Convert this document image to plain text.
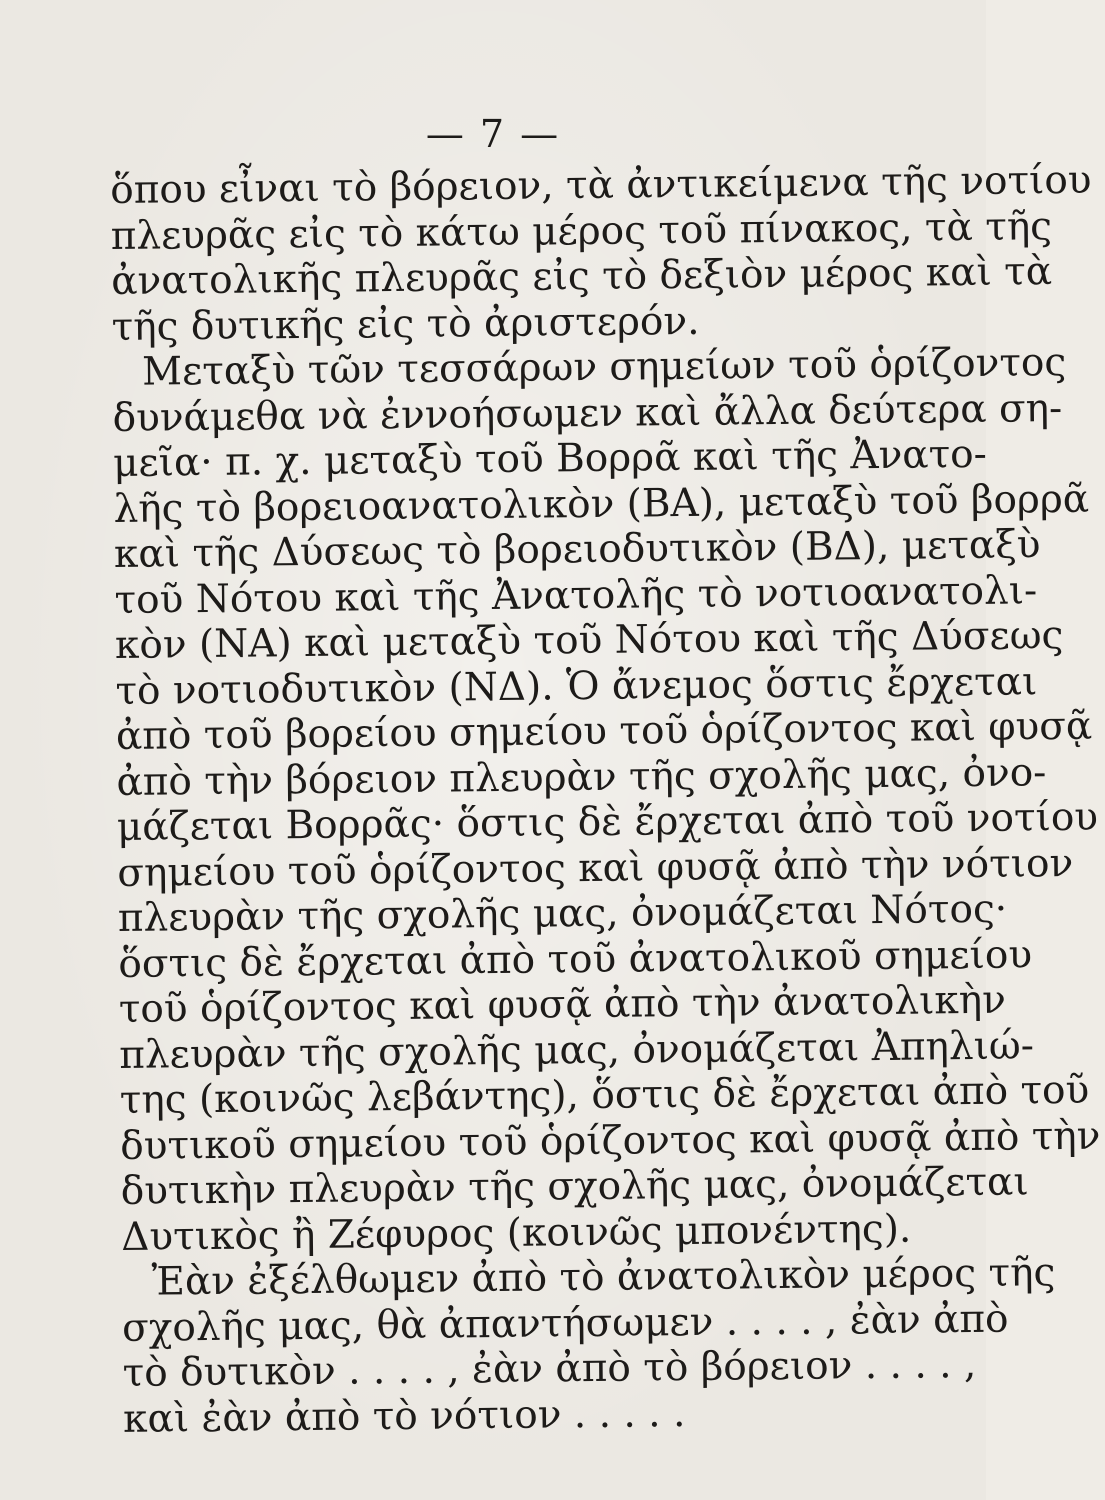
— 7 —
ὅπου εἶναι τὸ βόρειον, τὰ ἀντικείμενα τῆς νοτίου
πλευρᾶς εἰς τὸ κάτω μέρος τοῦ πίνακος, τὰ τῆς
ἀνατολικῆς πλευρᾶς εἰς τὸ δεξιὸν μέρος καὶ τὰ
τῆς δυτικῆς εἰς τὸ ἀριστερόν.
Μεταξὺ τῶν τεσσάρων σημείων τοῦ ὁρίζοντος
δυνάμεθα νὰ ἐννοήσωμεν καὶ ἄλλα δεύτερα ση-
μεῖα· π. χ. μεταξὺ τοῦ Βορρᾶ καὶ τῆς Ἀνατο-
λῆς τὸ βορειοανατολικὸν (ΒΑ), μεταξὺ τοῦ βορρᾶ
καὶ τῆς Δύσεως τὸ βορειοδυτικὸν (ΒΔ), μεταξὺ
τοῦ Νότου καὶ τῆς Ἀνατολῆς τὸ νοτιοανατολι-
κὸν (ΝΑ) καὶ μεταξὺ τοῦ Νότου καὶ τῆς Δύσεως
τὸ νοτιοδυτικὸν (ΝΔ). Ὁ ἄνεμος ὅστις ἔρχεται
ἀπὸ τοῦ βορείου σημείου τοῦ ὁρίζοντος καὶ φυσᾷ
ἀπὸ τὴν βόρειον πλευρὰν τῆς σχολῆς μας, ὀνο-
μάζεται Βορρᾶς· ὅστις δὲ ἔρχεται ἀπὸ τοῦ νοτίου
σημείου τοῦ ὁρίζοντος καὶ φυσᾷ ἀπὸ τὴν νότιον
πλευρὰν τῆς σχολῆς μας, ὀνομάζεται Νότος·
ὅστις δὲ ἔρχεται ἀπὸ τοῦ ἀνατολικοῦ σημείου
τοῦ ὁρίζοντος καὶ φυσᾷ ἀπὸ τὴν ἀνατολικὴν
πλευρὰν τῆς σχολῆς μας, ὀνομάζεται Ἀπηλιώ-
της (κοινῶς λεβάντης), ὅστις δὲ ἔρχεται ἀπὸ τοῦ
δυτικοῦ σημείου τοῦ ὁρίζοντος καὶ φυσᾷ ἀπὸ τὴν
δυτικὴν πλευρὰν τῆς σχολῆς μας, ὀνομάζεται
Δυτικὸς ἢ Ζέφυρος (κοινῶς μπονέντης).
Ἐὰν ἐξέλθωμεν ἀπὸ τὸ ἀνατολικὸν μέρος τῆς
σχολῆς μας, θὰ ἀπαντήσωμεν . . . . , ἐὰν ἀπὸ
τὸ δυτικὸν . . . . , ἐὰν ἀπὸ τὸ βόρειον . . . . ,
καὶ ἐὰν ἀπὸ τὸ νότιον . . . . .
